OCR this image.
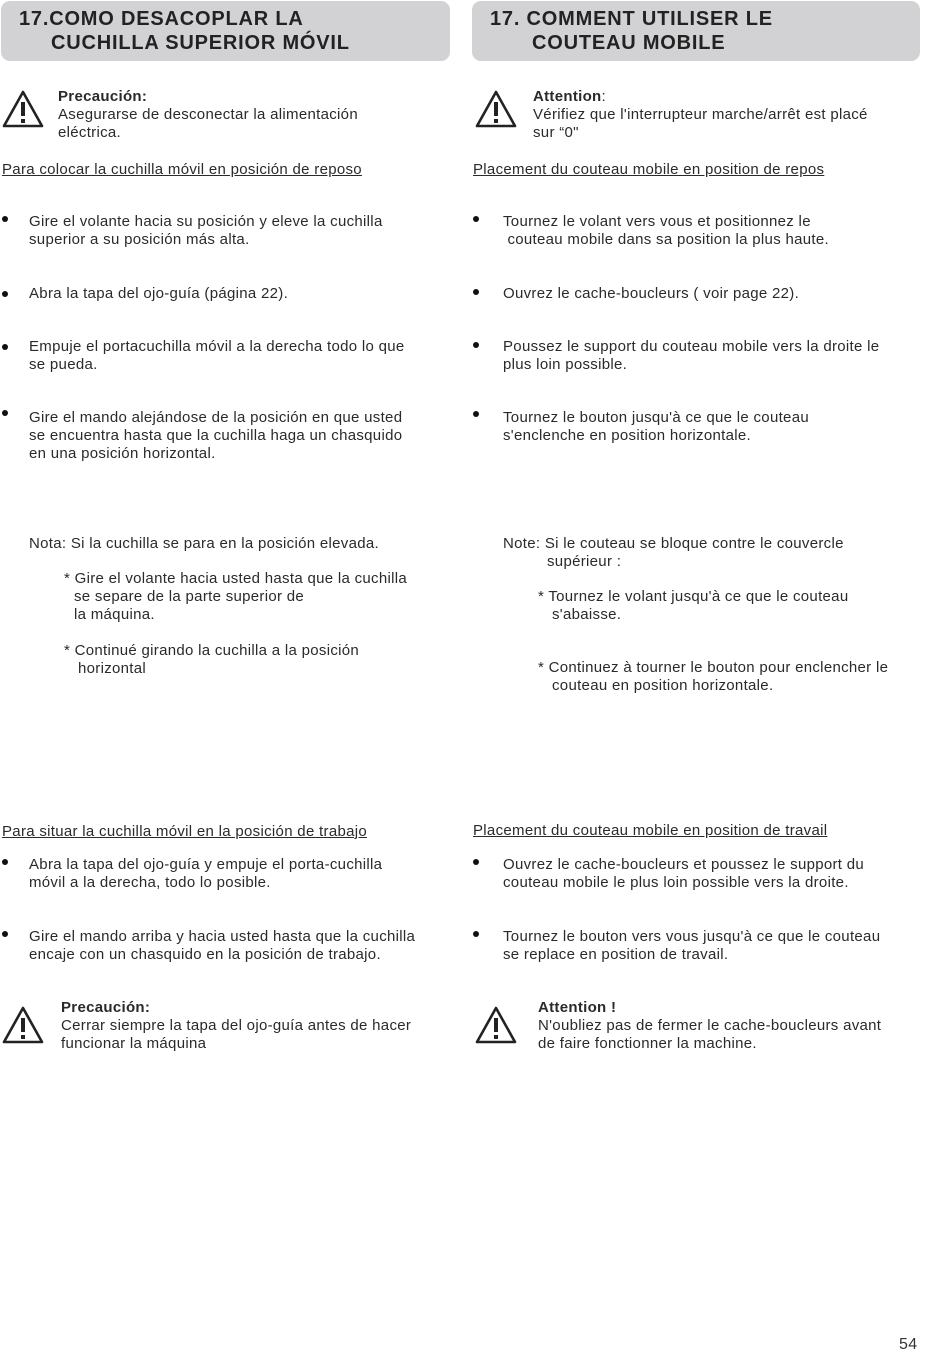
17.COMO DESACOPLAR LA
CUCHILLA SUPERIOR MÓVIL
17. COMMENT UTILISER LE
COUTEAU MOBILE
Precaución:
Asegurarse de desconectar la alimentación
eléctrica.
Para colocar la cuchilla móvil en posición de reposo
Gire el volante hacia su posición y eleve la cuchilla
superior a su posición más alta.
Abra la tapa del ojo-guía (página 22).
Empuje el portacuchilla móvil a la derecha todo lo que
se pueda.
Gire el mando alejándose de la posición en que usted
se encuentra hasta que la cuchilla haga un chasquido
en una posición horizontal.
Nota: Si la cuchilla se para en la posición elevada.
* Gire el volante hacia usted hasta que la cuchilla
se separe de la parte superior de
la máquina.
* Continué girando la cuchilla a la posición
horizontal
Para situar la cuchilla móvil en la posición de trabajo
Abra la tapa del ojo-guía y empuje el porta-cuchilla
móvil a la derecha, todo lo posible.
Gire el mando arriba y hacia usted hasta que la cuchilla
encaje con un chasquido en la posición de trabajo.
Precaución:
Cerrar siempre la tapa del ojo-guía antes de hacer
funcionar la máquina
Attention:
Vérifiez que l'interrupteur marche/arrêt est placé
sur “0"
Placement du couteau mobile en position de repos
Tournez le volant vers vous et positionnez le
couteau mobile dans sa position la plus haute.
Ouvrez le cache-boucleurs ( voir page 22).
Poussez le support du couteau mobile vers la droite le
plus loin possible.
Tournez le bouton jusqu'à ce que le couteau
s'enclenche en position horizontale.
Note: Si le couteau se bloque contre le couvercle
supérieur :
* Tournez le volant jusqu'à ce que le couteau
s'abaisse.
* Continuez à tourner le bouton pour enclencher le
couteau en position horizontale.
Placement du couteau mobile en position de travail
Ouvrez le cache-boucleurs et poussez le support du
couteau mobile le plus loin possible vers la droite.
Tournez le bouton vers vous jusqu'à ce que le couteau
se replace en position de travail.
Attention !
N'oubliez pas de fermer le cache-boucleurs avant
de faire fonctionner la machine.
54
